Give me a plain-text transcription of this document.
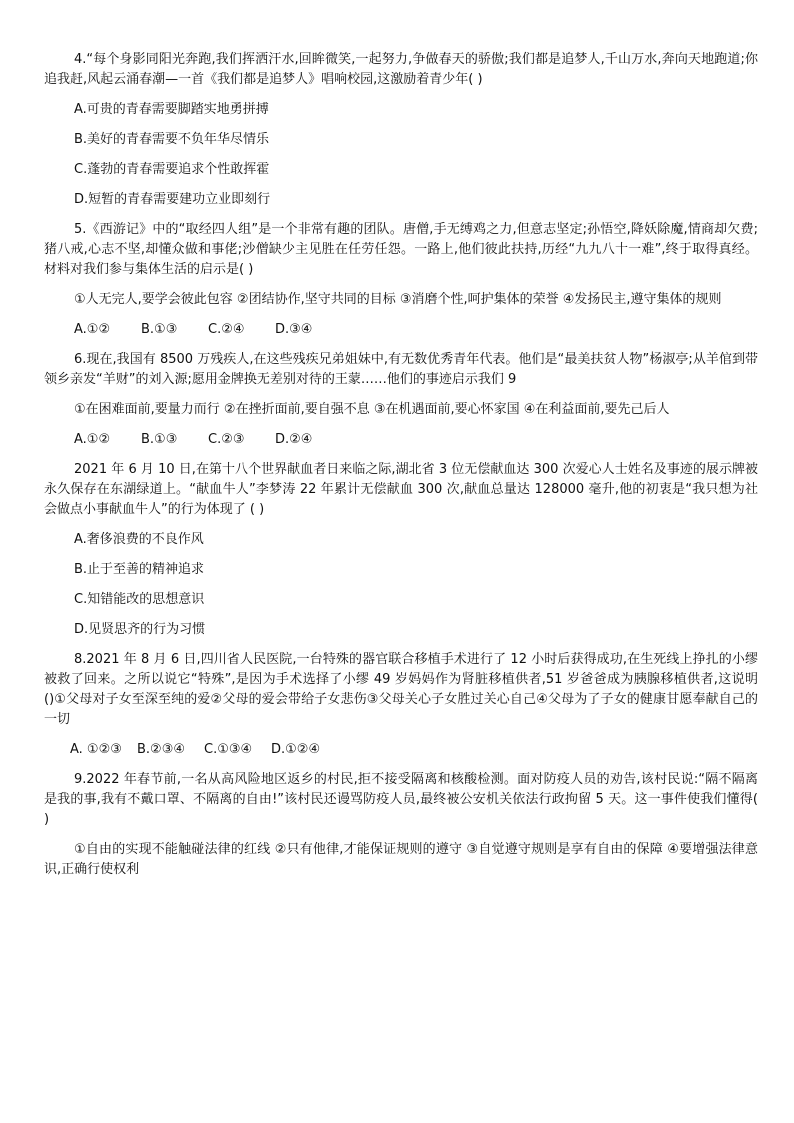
4.“每个身影同阳光奔跑,我们挥洒汗水,回眸微笑,一起努力,争做春天的骄傲;我们都是追梦人,千山万水,奔向天地跑道;你追我赶,风起云涌春潮—一首《我们都是追梦人》唱响校园,这激励着青少年( )

A.可贵的青春需要脚踏实地勇拼搏

B.美好的青春需要不负年华尽情乐

C.蓬勃的青春需要追求个性敢挥霍

D.短暂的青春需要建功立业即刻行

5.《西游记》中的“取经四人组”是一个非常有趣的团队。唐僧,手无缚鸡之力,但意志坚定;孙悟空,降妖除魔,情商却欠费;猪八戒,心志不坚,却懂众做和事佬;沙僧缺少主见胜在任劳任怨。一路上,他们彼此扶持,历经“九九八十一难”,终于取得真经。材料对我们参与集体生活的启示是( )

①人无完人,要学会彼此包容 ②团结协作,坚守共同的目标 ③消磨个性,呵护集体的荣誉 ④发扬民主,遵守集体的规则

A.①②	B.①③	C.②④	D.③④

6.现在,我国有 8500 万残疾人,在这些残疾兄弟姐妹中,有无数优秀青年代表。他们是“最美扶贫人物”杨淑亭;从羊倌到带领乡亲发“羊财”的刘入源;愿用金牌换无差别对待的王蒙……他们的事迹启示我们 9

①在困难面前,要量力而行 ②在挫折面前,要自强不息 ③在机遇面前,要心怀家国 ④在利益面前,要先己后人

A.①②	B.①③	C.②③	D.②④

2021 年 6 月 10 日,在第十八个世界献血者日来临之际,湖北省 3 位无偿献血达 300 次爱心人士姓名及事迹的展示牌被永久保存在东湖绿道上。“献血牛人”李梦涛 22 年累计无偿献血 300 次,献血总量达 128000 毫升,他的初衷是“我只想为社会做点小事献血牛人”的行为体现了 ( )

A.奢侈浪费的不良作风

B.止于至善的精神追求

C.知错能改的思想意识

D.见贤思齐的行为习惯

8.2021 年 8 月 6 日,四川省人民医院,一台特殊的器官联合移植手术进行了 12 小时后获得成功,在生死线上挣扎的小缪被救了回来。之所以说它“特殊”,是因为手术选择了小缪 49 岁妈妈作为肾脏移植供者,51 岁爸爸成为胰腺移植供者,这说明()①父母对子女至深至纯的爱②父母的爱会带给子女悲伤③父母关心子女胜过关心自己④父母为了子女的健康甘愿奉献自己的一切

A. ①②③	B.②③④	C.①③④	D.①②④

9.2022 年春节前,一名从高风险地区返乡的村民,拒不接受隔离和核酸检测。面对防疫人员的劝告,该村民说:“隔不隔离是我的事,我有不戴口罩、不隔离的自由!”该村民还谩骂防疫人员,最终被公安机关依法行政拘留 5 天。这一事件使我们懂得( )

①自由的实现不能触碰法律的红线 ②只有他律,才能保证规则的遵守 ③自觉遵守规则是享有自由的保障 ④要增强法律意识,正确行使权利
